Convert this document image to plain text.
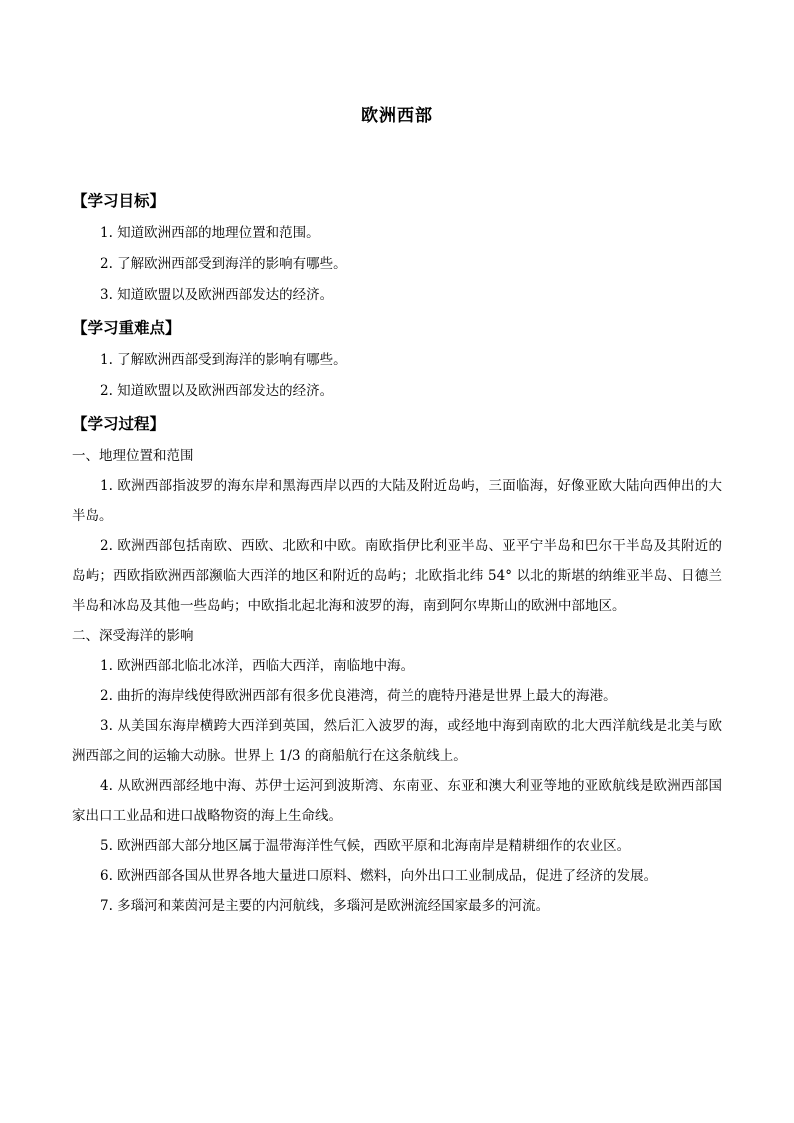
欧洲西部
【学习目标】
1. 知道欧洲西部的地理位置和范围。
2. 了解欧洲西部受到海洋的影响有哪些。
3. 知道欧盟以及欧洲西部发达的经济。
【学习重难点】
1. 了解欧洲西部受到海洋的影响有哪些。
2. 知道欧盟以及欧洲西部发达的经济。
【学习过程】
一、地理位置和范围

1. 欧洲西部指波罗的海东岸和黑海西岸以西的大陆及附近岛屿，三面临海，好像亚欧大陆向西伸出的大半岛。

2. 欧洲西部包括南欧、西欧、北欧和中欧。南欧指伊比利亚半岛、亚平宁半岛和巴尔干半岛及其附近的岛屿；西欧指欧洲西部濒临大西洋的地区和附近的岛屿；北欧指北纬 54° 以北的斯堪的纳维亚半岛、日德兰半岛和冰岛及其他一些岛屿；中欧指北起北海和波罗的海，南到阿尔卑斯山的欧洲中部地区。

二、深受海洋的影响

1. 欧洲西部北临北冰洋，西临大西洋，南临地中海。

2. 曲折的海岸线使得欧洲西部有很多优良港湾，荷兰的鹿特丹港是世界上最大的海港。

3. 从美国东海岸横跨大西洋到英国，然后汇入波罗的海，或经地中海到南欧的北大西洋航线是北美与欧洲西部之间的运输大动脉。世界上 1/3 的商船航行在这条航线上。

4. 从欧洲西部经地中海、苏伊士运河到波斯湾、东南亚、东亚和澳大利亚等地的亚欧航线是欧洲西部国家出口工业品和进口战略物资的海上生命线。

5. 欧洲西部大部分地区属于温带海洋性气候，西欧平原和北海南岸是精耕细作的农业区。

6. 欧洲西部各国从世界各地大量进口原料、燃料，向外出口工业制成品，促进了经济的发展。

7. 多瑙河和莱茵河是主要的内河航线，多瑙河是欧洲流经国家最多的河流。
